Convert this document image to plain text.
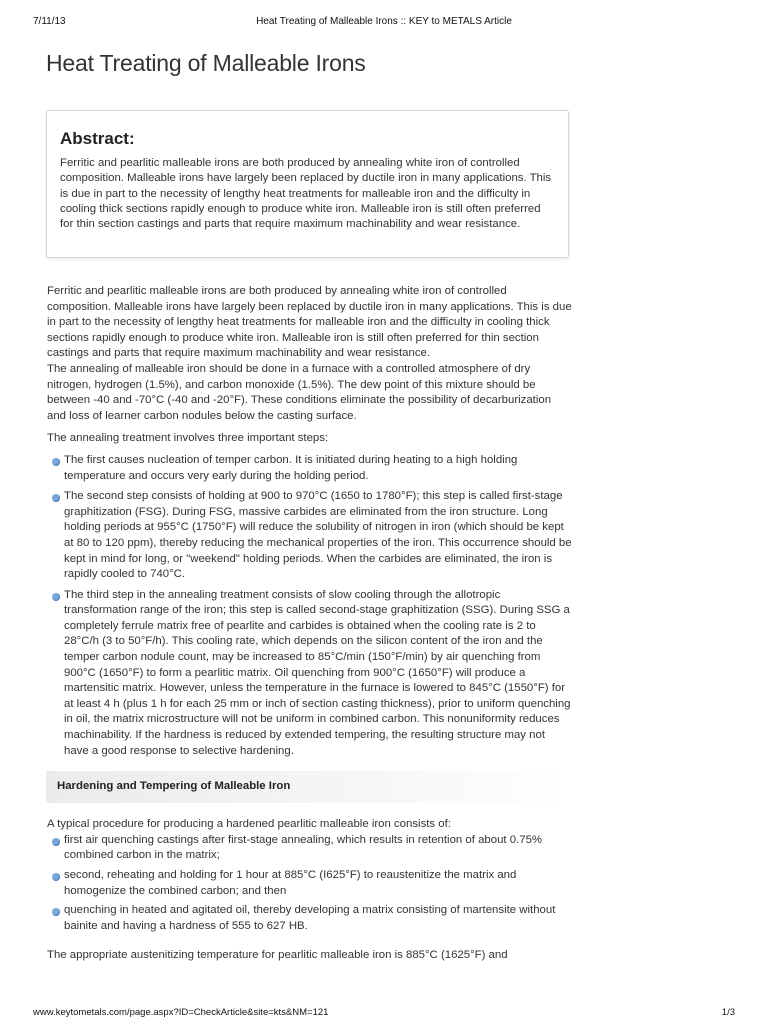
7/11/13	Heat Treating of Malleable Irons :: KEY to METALS Article
Heat Treating of Malleable Irons
Abstract:

Ferritic and pearlitic malleable irons are both produced by annealing white iron of controlled composition. Malleable irons have largely been replaced by ductile iron in many applications. This is due in part to the necessity of lengthy heat treatments for malleable iron and the difficulty in cooling thick sections rapidly enough to produce white iron. Malleable iron is still often preferred for thin section castings and parts that require maximum machinability and wear resistance.

Ferritic and pearlitic malleable irons are both produced by annealing white iron of controlled composition. Malleable irons have largely been replaced by ductile iron in many applications. This is due in part to the necessity of lengthy heat treatments for malleable iron and the difficulty in cooling thick sections rapidly enough to produce white iron. Malleable iron is still often preferred for thin section castings and parts that require maximum machinability and wear resistance.

The annealing of malleable iron should be done in a furnace with a controlled atmosphere of dry nitrogen, hydrogen (1.5%), and carbon monoxide (1.5%). The dew point of this mixture should be between -40 and -70°C (-40 and -20°F). These conditions eliminate the possibility of decarburization and loss of learner carbon nodules below the casting surface.

The annealing treatment involves three important steps:

The first causes nucleation of temper carbon. It is initiated during heating to a high holding temperature and occurs very early during the holding period.
The second step consists of holding at 900 to 970°C (1650 to 1780°F); this step is called first-stage graphitization (FSG). During FSG, massive carbides are eliminated from the iron structure. Long holding periods at 955°C (1750°F) will reduce the solubility of nitrogen in iron (which should be kept at 80 to 120 ppm), thereby reducing the mechanical properties of the iron. This occurrence should be kept in mind for long, or "weekend" holding periods. When the carbides are eliminated, the iron is rapidly cooled to 740°C.
The third step in the annealing treatment consists of slow cooling through the allotropic transformation range of the iron; this step is called second-stage graphitization (SSG). During SSG a completely ferrule matrix free of pearlite and carbides is obtained when the cooling rate is 2 to 28°C/h (3 to 50°F/h). This cooling rate, which depends on the silicon content of the iron and the temper carbon nodule count, may be increased to 85°C/min (150°F/min) by air quenching from 900°C (1650°F) to form a pearlitic matrix. Oil quenching from 900°C (1650°F) will produce a martensitic matrix. However, unless the temperature in the furnace is lowered to 845°C (1550°F) for at least 4 h (plus 1 h for each 25 mm or inch of section casting thickness), prior to uniform quenching in oil, the matrix microstructure will not be uniform in combined carbon. This nonuniformity reduces machinability. If the hardness is reduced by extended tempering, the resulting structure may not have a good response to selective hardening.
Hardening and Tempering of Malleable Iron

A typical procedure for producing a hardened pearlitic malleable iron consists of:

first air quenching castings after first-stage annealing, which results in retention of about 0.75% combined carbon in the matrix;
second, reheating and holding for 1 hour at 885°C (I625°F) to reaustenitize the matrix and homogenize the combined carbon; and then
quenching in heated and agitated oil, thereby developing a matrix consisting of martensite without bainite and having a hardness of 555 to 627 HB.

The appropriate austenitizing temperature for pearlitic malleable iron is 885°C (1625°F) and

www.keytometals.com/page.aspx?ID=CheckArticle&site=kts&NM=121	1/3
